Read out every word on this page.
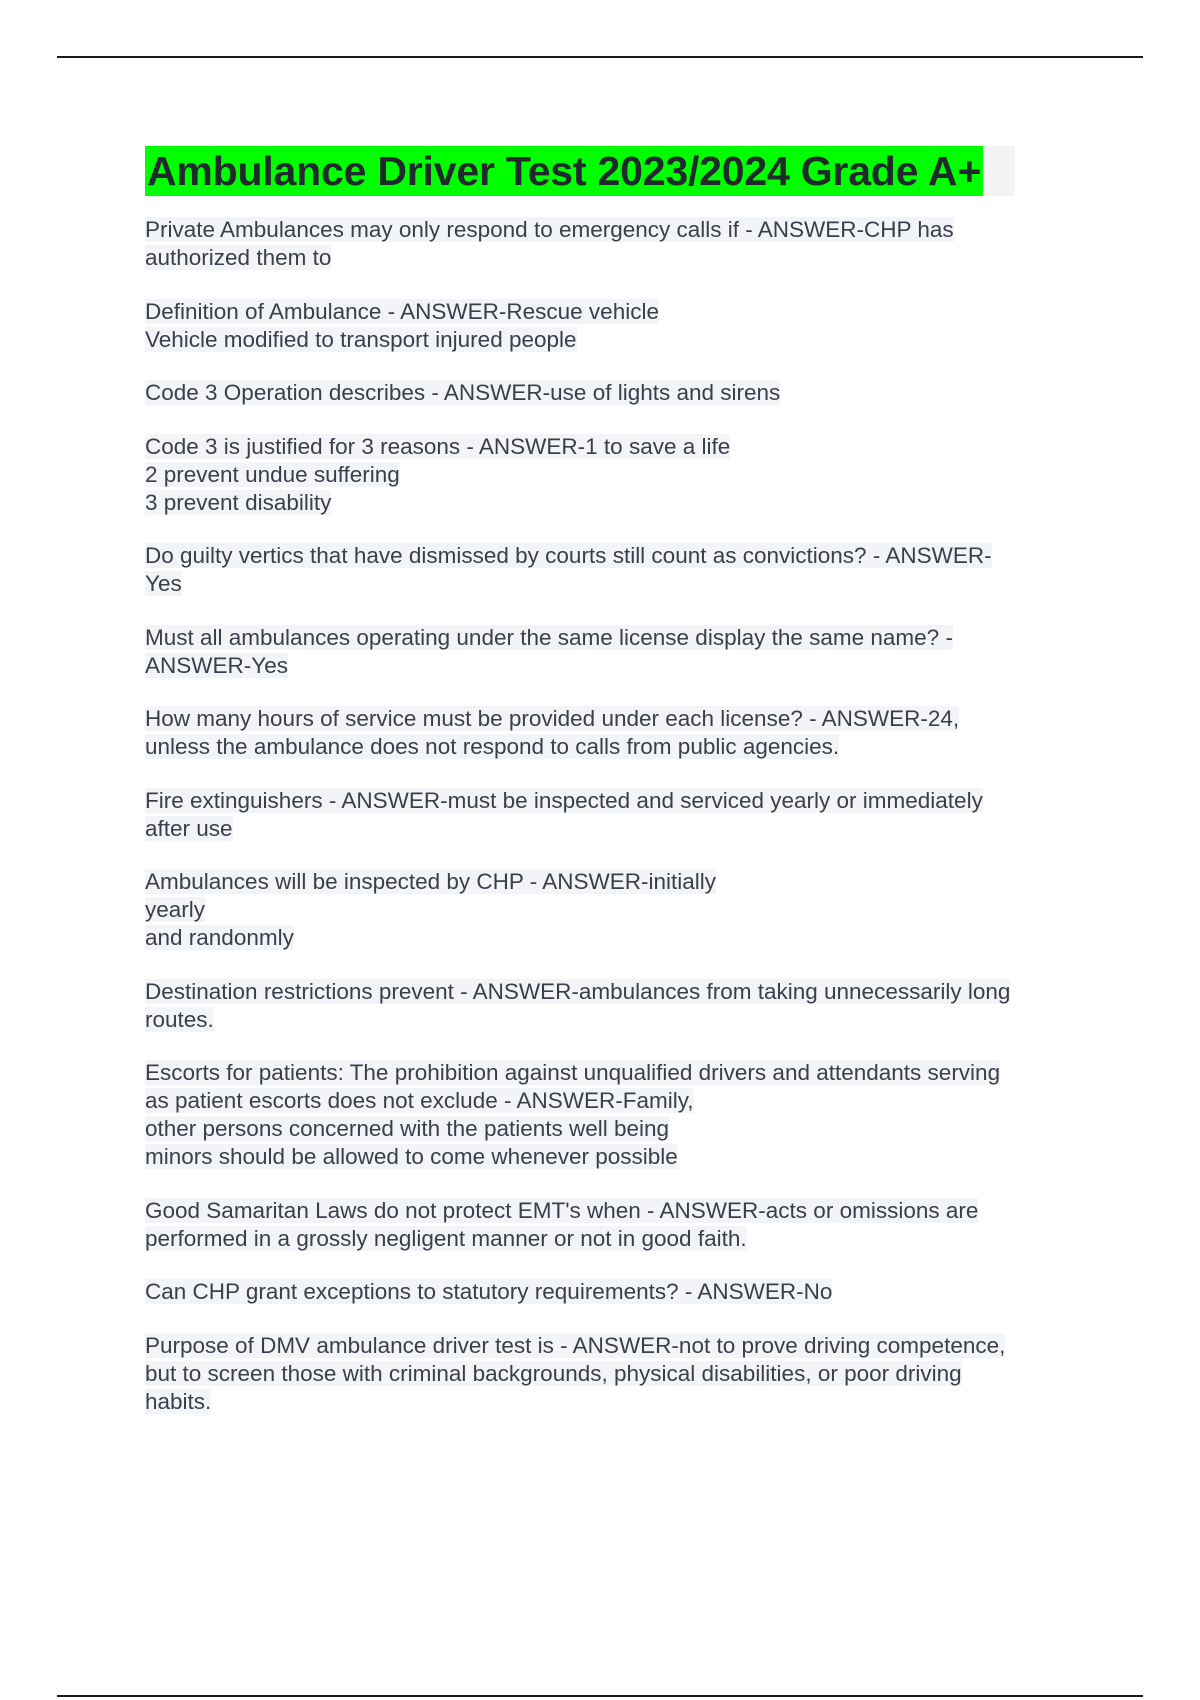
Ambulance Driver Test 2023/2024 Grade A+
Private Ambulances may only respond to emergency calls if - ANSWER-CHP has
authorized them to
Definition of Ambulance - ANSWER-Rescue vehicle
Vehicle modified to transport injured people
Code 3 Operation describes - ANSWER-use of lights and sirens
Code 3 is justified for 3 reasons - ANSWER-1 to save a life
2 prevent undue suffering
3 prevent disability
Do guilty vertics that have dismissed by courts still count as convictions? - ANSWER-
Yes
Must all ambulances operating under the same license display the same name? -
ANSWER-Yes
How many hours of service must be provided under each license? - ANSWER-24,
unless the ambulance does not respond to calls from public agencies.
Fire extinguishers - ANSWER-must be inspected and serviced yearly or immediately
after use
Ambulances will be inspected by CHP - ANSWER-initially
yearly
and randonmly
Destination restrictions prevent - ANSWER-ambulances from taking unnecessarily long
routes.
Escorts for patients: The prohibition against unqualified drivers and attendants serving
as patient escorts does not exclude - ANSWER-Family,
other persons concerned with the patients well being
minors should be allowed to come whenever possible
Good Samaritan Laws do not protect EMT's when - ANSWER-acts or omissions are
performed in a grossly negligent manner or not in good faith.
Can CHP grant exceptions to statutory requirements? - ANSWER-No
Purpose of DMV ambulance driver test is - ANSWER-not to prove driving competence,
but to screen those with criminal backgrounds, physical disabilities, or poor driving
habits.
